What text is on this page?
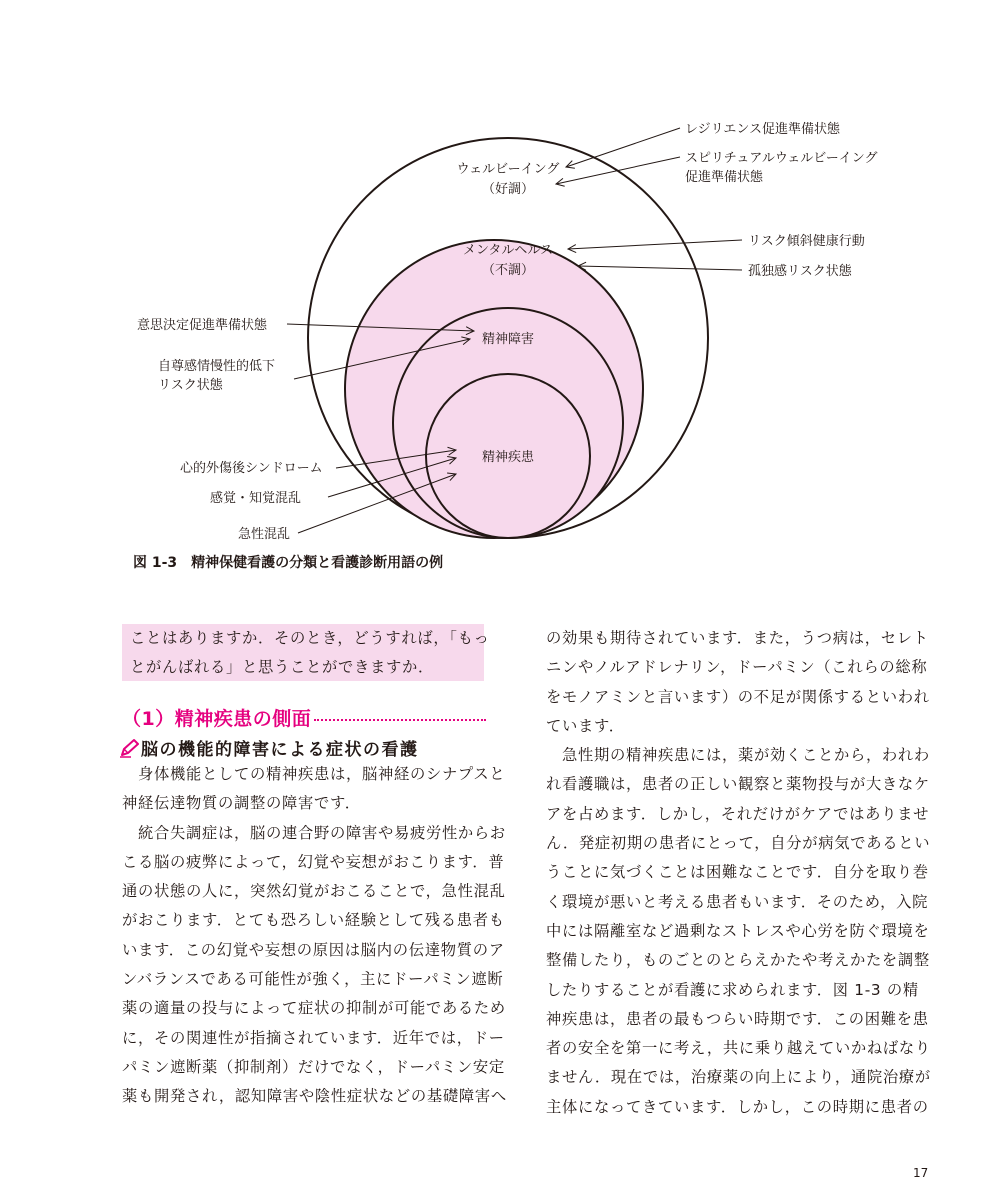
ウェルビーイング
（好調）
メンタルヘルス
（不調）
精神障害
精神疾患
レジリエンス促進準備状態
スピリチュアルウェルビーイング
促進準備状態
リスク傾斜健康行動
孤独感リスク状態
意思決定促進準備状態
自尊感情慢性的低下
リスク状態
心的外傷後シンドローム
感覚・知覚混乱
急性混乱
図 1-3 精神保健看護の分類と看護診断用語の例

ことはありますか．そのとき，どうすれば，「もっ

とがんばれる」と思うことができますか．

（1）精神疾患の側面
脳の機能的障害による症状の看護

　身体機能としての精神疾患は，脳神経のシナプスと

神経伝達物質の調整の障害です．

　統合失調症は，脳の連合野の障害や易疲労性からお

こる脳の疲弊によって，幻覚や妄想がおこります．普

通の状態の人に，突然幻覚がおこることで，急性混乱

がおこります．とても恐ろしい経験として残る患者も

います．この幻覚や妄想の原因は脳内の伝達物質のア

ンバランスである可能性が強く，主にドーパミン遮断

薬の適量の投与によって症状の抑制が可能であるため

に，その関連性が指摘されています．近年では，ドー

パミン遮断薬（抑制剤）だけでなく，ドーパミン安定

薬も開発され，認知障害や陰性症状などの基礎障害へ

の効果も期待されています．また，うつ病は，セレト

ニンやノルアドレナリン，ドーパミン（これらの総称

をモノアミンと言います）の不足が関係するといわれ

ています．

　急性期の精神疾患には，薬が効くことから，われわ

れ看護職は，患者の正しい観察と薬物投与が大きなケ

アを占めます．しかし，それだけがケアではありませ

ん．発症初期の患者にとって，自分が病気であるとい

うことに気づくことは困難なことです．自分を取り巻

く環境が悪いと考える患者もいます．そのため，入院

中には隔離室など過剰なストレスや心労を防ぐ環境を

整備したり，ものごとのとらえかたや考えかたを調整

したりすることが看護に求められます．図 1-3 の精

神疾患は，患者の最もつらい時期です．この困難を患

者の安全を第一に考え，共に乗り越えていかねばなり

ません．現在では，治療薬の向上により，通院治療が

主体になってきています．しかし，この時期に患者の

17
